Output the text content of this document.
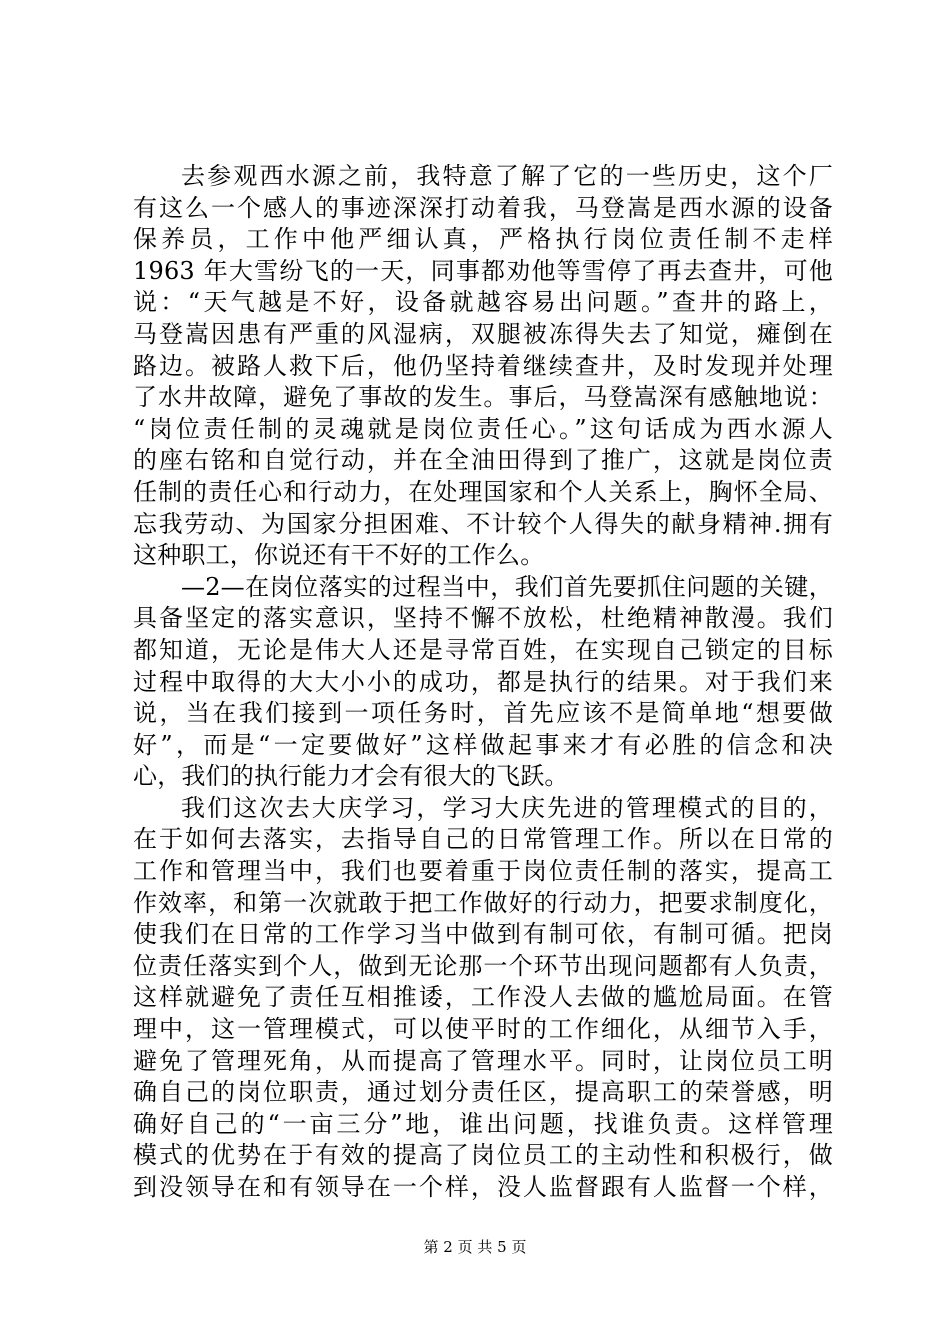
去参观西水源之前，我特意了解了它的一些历史，这个厂
有这么一个感人的事迹深深打动着我，马登嵩是西水源的设备
保养员，工作中他严细认真，严格执行岗位责任制不走样
1963 年大雪纷飞的一天，同事都劝他等雪停了再去查井，可他
说：“天气越是不好，设备就越容易出问题。”查井的路上，
马登嵩因患有严重的风湿病，双腿被冻得失去了知觉，瘫倒在
路边。被路人救下后，他仍坚持着继续查井，及时发现并处理
了水井故障，避免了事故的发生。事后，马登嵩深有感触地说：
“岗位责任制的灵魂就是岗位责任心。”这句话成为西水源人
的座右铭和自觉行动，并在全油田得到了推广，这就是岗位责
任制的责任心和行动力，在处理国家和个人关系上，胸怀全局、
忘我劳动、为国家分担困难、不计较个人得失的献身精神.拥有
这种职工，你说还有干不好的工作么。
—2—在岗位落实的过程当中，我们首先要抓住问题的关键，
具备坚定的落实意识，坚持不懈不放松，杜绝精神散漫。我们
都知道，无论是伟大人还是寻常百姓，在实现自己锁定的目标
过程中取得的大大小小的成功，都是执行的结果。对于我们来
说，当在我们接到一项任务时，首先应该不是简单地“想要做
好”，而是“一定要做好”这样做起事来才有必胜的信念和决
心，我们的执行能力才会有很大的飞跃。
我们这次去大庆学习，学习大庆先进的管理模式的目的，
在于如何去落实，去指导自己的日常管理工作。所以在日常的
工作和管理当中，我们也要着重于岗位责任制的落实，提高工
作效率，和第一次就敢于把工作做好的行动力，把要求制度化，
使我们在日常的工作学习当中做到有制可依，有制可循。把岗
位责任落实到个人，做到无论那一个环节出现问题都有人负责，
这样就避免了责任互相推诿，工作没人去做的尴尬局面。在管
理中，这一管理模式，可以使平时的工作细化，从细节入手，
避免了管理死角，从而提高了管理水平。同时，让岗位员工明
确自己的岗位职责，通过划分责任区，提高职工的荣誉感，明
确好自己的“一亩三分”地，谁出问题，找谁负责。这样管理
模式的优势在于有效的提高了岗位员工的主动性和积极行，做
到没领导在和有领导在一个样，没人监督跟有人监督一个样，
第 2 页 共 5 页
